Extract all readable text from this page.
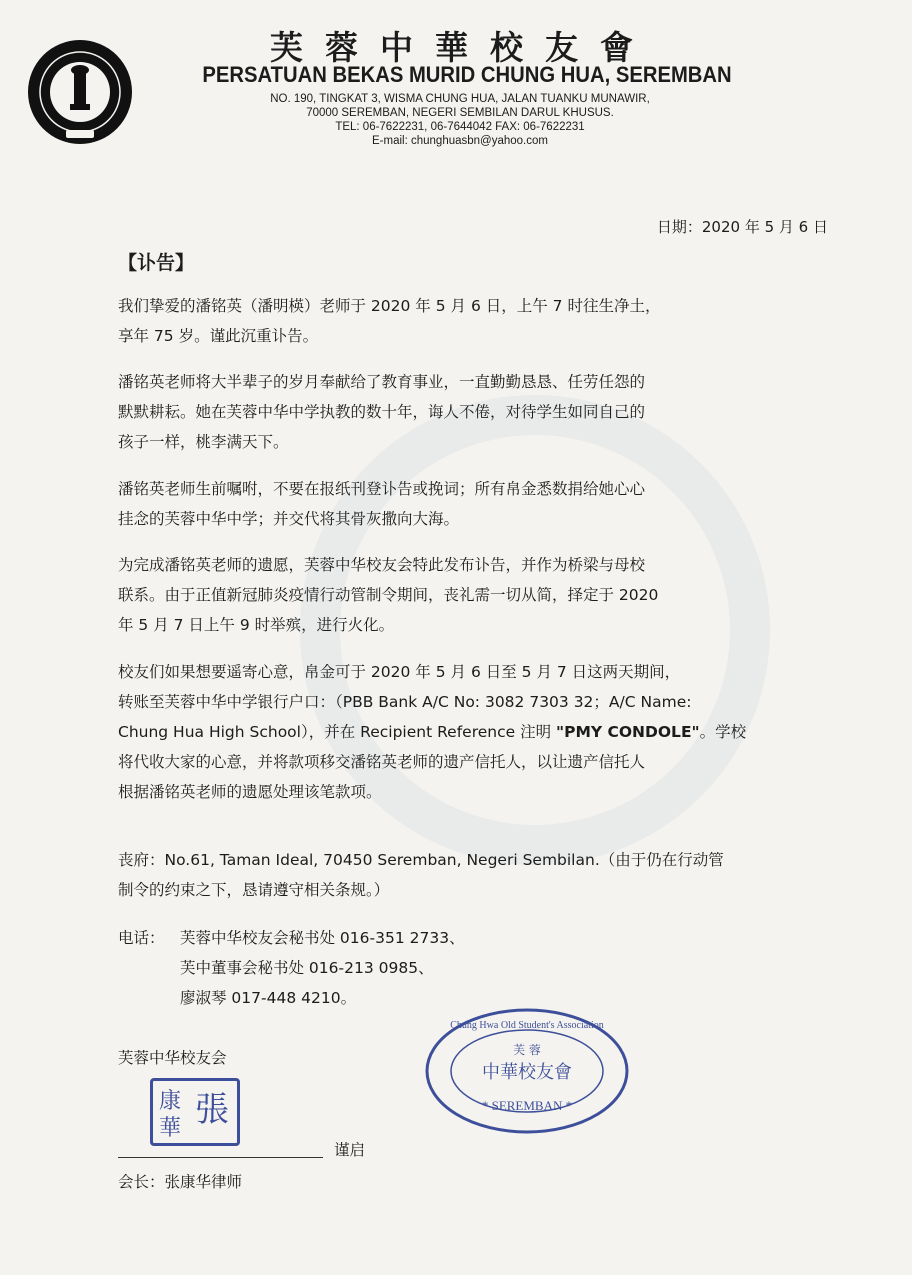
芙蓉中華校友會
PERSATUAN BEKAS MURID CHUNG HUA, SEREMBAN
NO. 190, TINGKAT 3, WISMA CHUNG HUA, JALAN TUANKU MUNAWIR,
70000 SEREMBAN, NEGERI SEMBILAN DARUL KHUSUS.
TEL: 06-7622231, 06-7644042 FAX: 06-7622231
E-mail: chunghuasbn@yahoo.com
日期：2020 年 5 月 6 日
【讣告】
我们挚爱的潘铭英（潘明楧）老师于 2020 年 5 月 6 日，上午 7 时往生净土，
享年 75 岁。谨此沉重讣告。
潘铭英老师将大半辈子的岁月奉献给了教育事业，一直勤勤恳恳、任劳任怨的
默默耕耘。她在芙蓉中华中学执教的数十年，诲人不倦，对待学生如同自己的
孩子一样，桃李满天下。
潘铭英老师生前嘱咐，不要在报纸刊登讣告或挽词；所有帛金悉数捐给她心心
挂念的芙蓉中华中学；并交代将其骨灰撒向大海。
为完成潘铭英老师的遗愿，芙蓉中华校友会特此发布讣告，并作为桥梁与母校
联系。由于正值新冠肺炎疫情行动管制令期间，丧礼需一切从简，择定于 2020
年 5 月 7 日上午 9 时举殡，进行火化。
校友们如果想要遥寄心意，帛金可于 2020 年 5 月 6 日至 5 月 7 日这两天期间，
转账至芙蓉中华中学银行户口：（PBB Bank A/C No: 3082 7303 32；A/C Name:
Chung Hua High School），并在 Recipient Reference 注明 "PMY CONDOLE"。学校
将代收大家的心意，并将款项移交潘铭英老师的遗产信托人，以让遗产信托人
根据潘铭英老师的遗愿处理该笔款项。
丧府：No.61, Taman Ideal, 70450 Seremban, Negeri Sembilan.（由于仍在行动管
制令的约束之下，恳请遵守相关条规。）
电话： 芙蓉中华校友会秘书处 016-351 2733、
芙中董事会秘书处 016-213 0985、
廖淑琴 017-448 4210。
芙蓉中华校友会
康
華 張
谨启
会长：张康华律师
芙 蓉
中華校友會
* SEREMBAN *
Chung Hwa Old Student's Association
